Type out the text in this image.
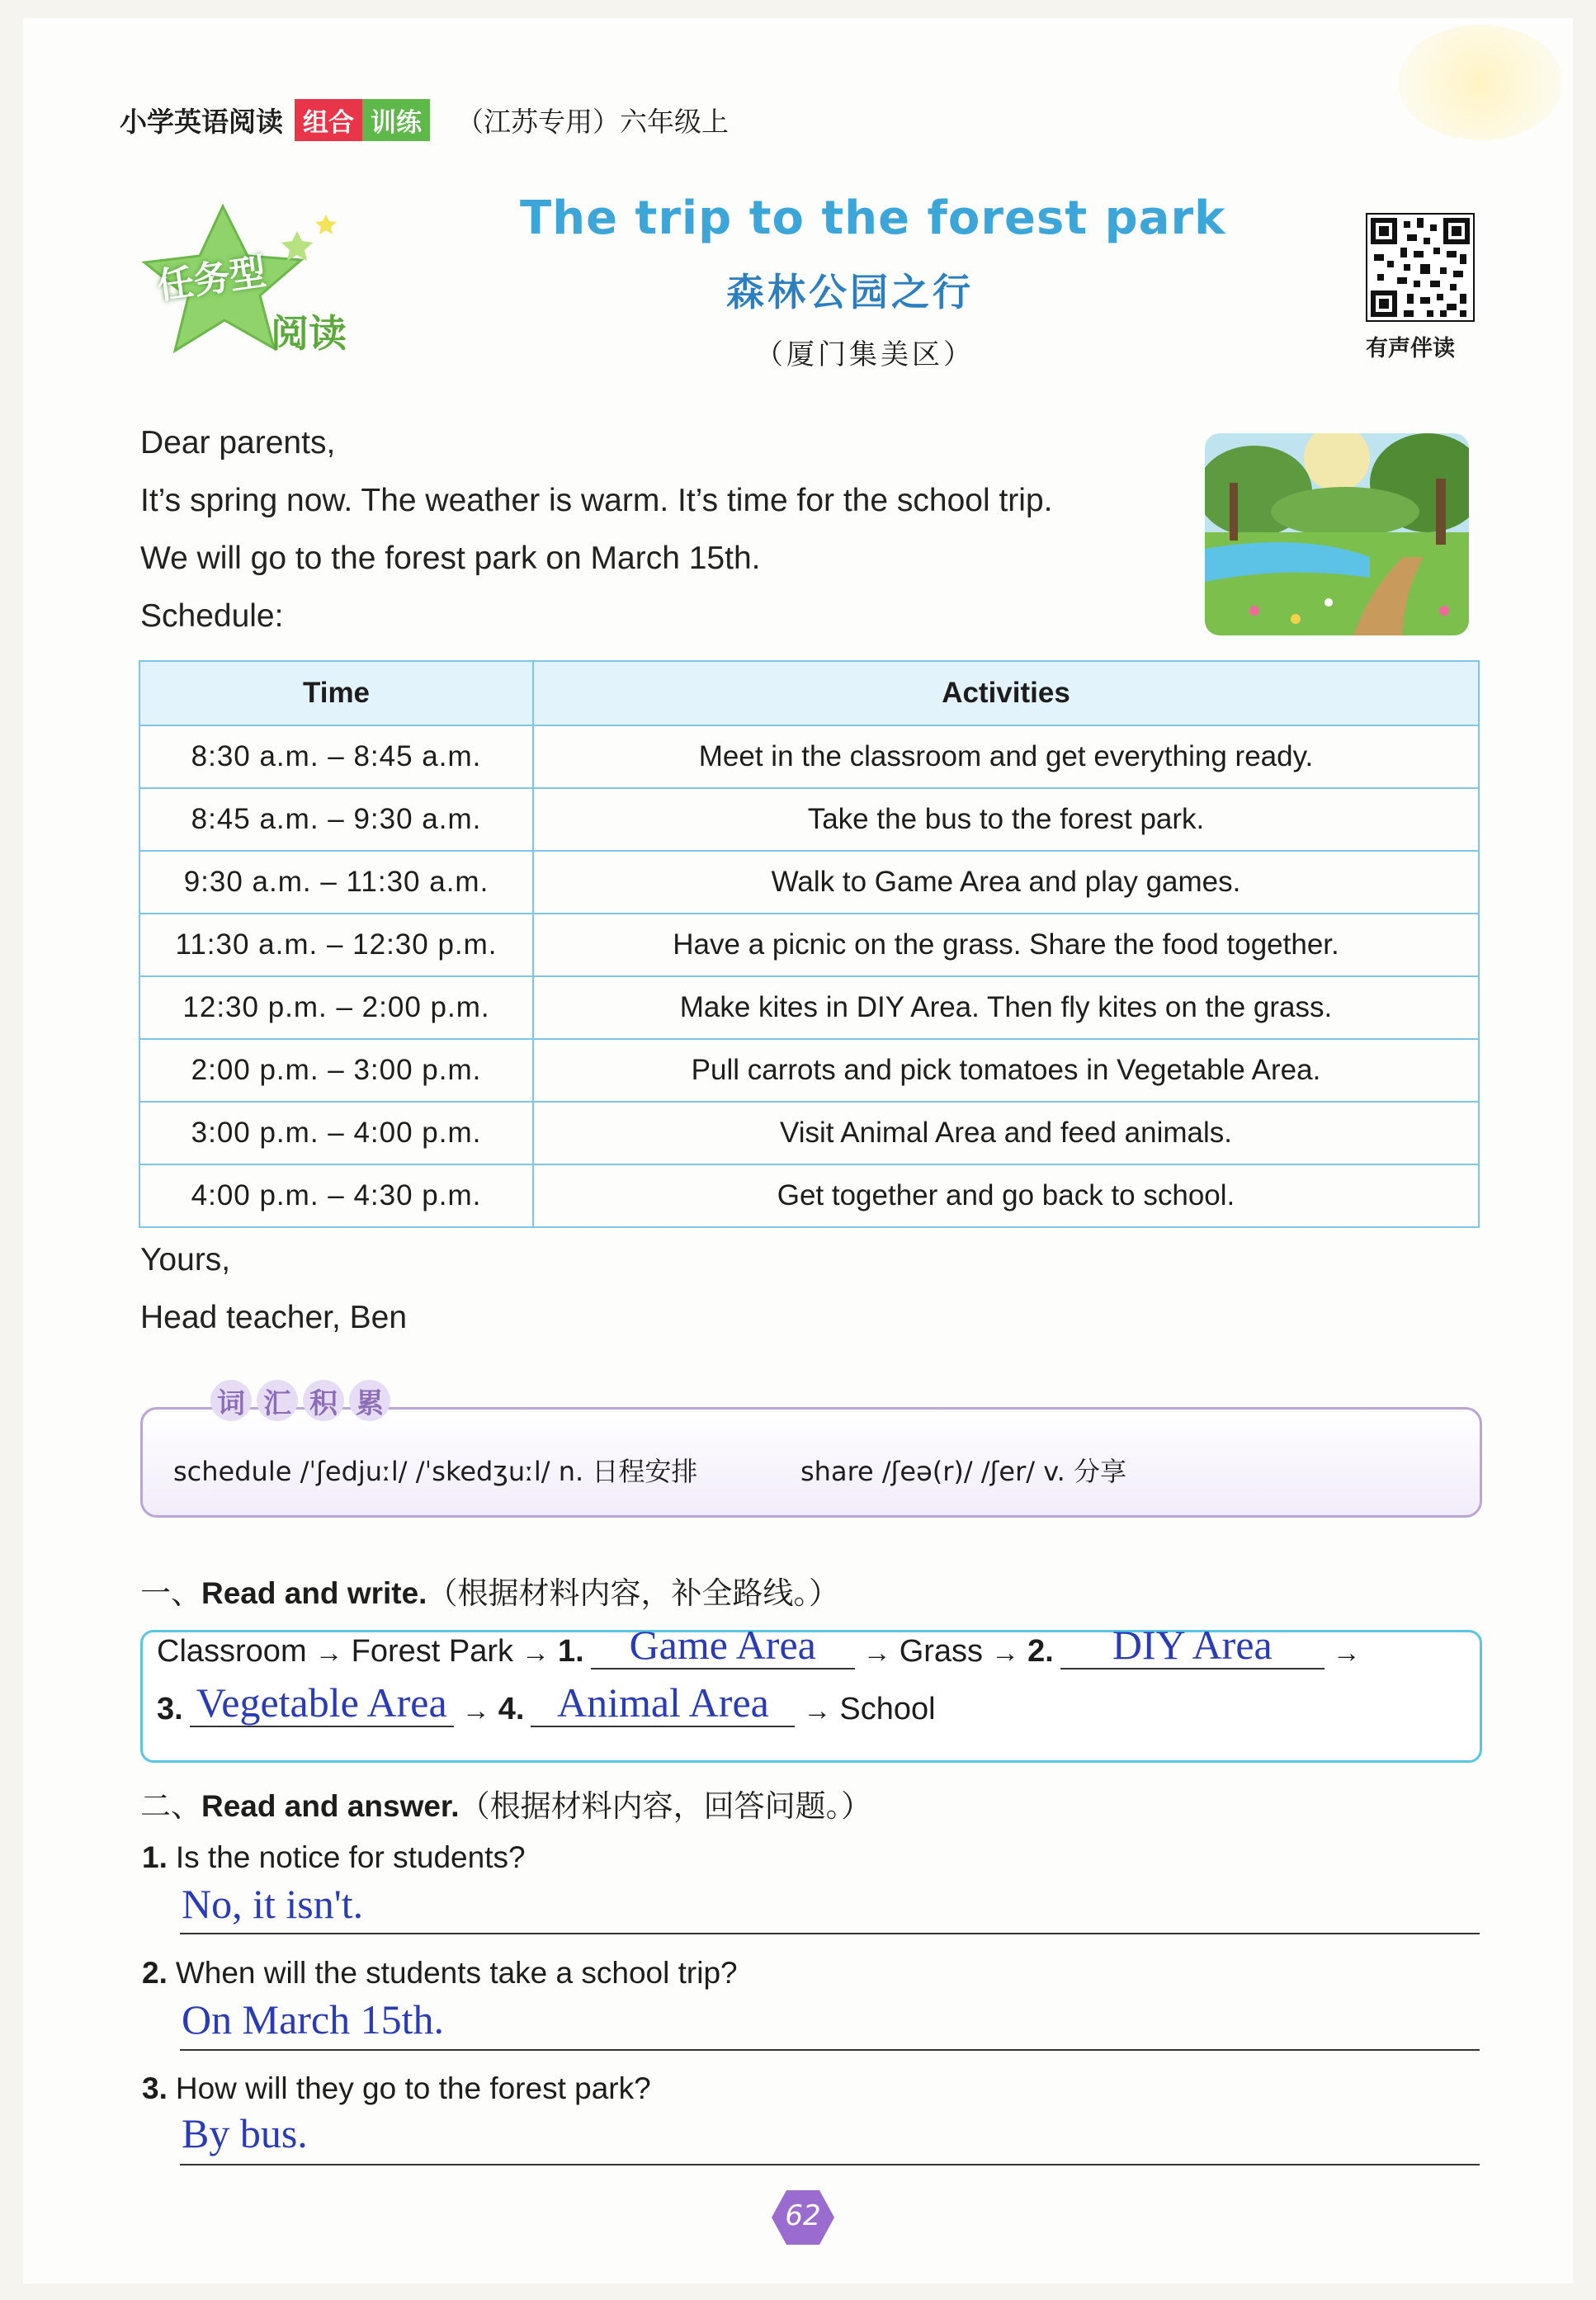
小学英语阅读 组合 训练	（江苏专用）六年级上
任务型
阅读
The trip to the forest park
森林公园之行
（厦门集美区）	有声伴读
Dear parents,
It’s spring now. The weather is warm. It’s time for the school trip.
We will go to the forest park on March 15th.
Schedule:
Time	Activities
8:30 a.m. – 8:45 a.m.	Meet in the classroom and get everything ready.
8:45 a.m. – 9:30 a.m.	Take the bus to the forest park.
9:30 a.m. – 11:30 a.m.	Walk to Game Area and play games.
11:30 a.m. – 12:30 p.m.	Have a picnic on the grass. Share the food together.
12:30 p.m. – 2:00 p.m.	Make kites in DIY Area. Then fly kites on the grass.
2:00 p.m. – 3:00 p.m.	Pull carrots and pick tomatoes in Vegetable Area.
3:00 p.m. – 4:00 p.m.	Visit Animal Area and feed animals.
4:00 p.m. – 4:30 p.m.	Get together and go back to school.
Yours,
Head teacher, Ben
词 汇 积 累
schedule /ˈʃedjuːl/ /ˈskedʒuːl/ n. 日程安排	share /ʃeə(r)/ /ʃer/ v. 分享
一、Read and write.（根据材料内容，补全路线。）
Classroom → Forest Park → 1.	Game Area	→ Grass → 2.	DIY Area	→
3. Vegetable Area → 4. Animal Area	→ School
二、Read and answer.（根据材料内容，回答问题。）
1. Is the notice for students?
No, it isn't.
2. When will the students take a school trip?
On March 15th.
3. How will they go to the forest park?
By bus.
62
